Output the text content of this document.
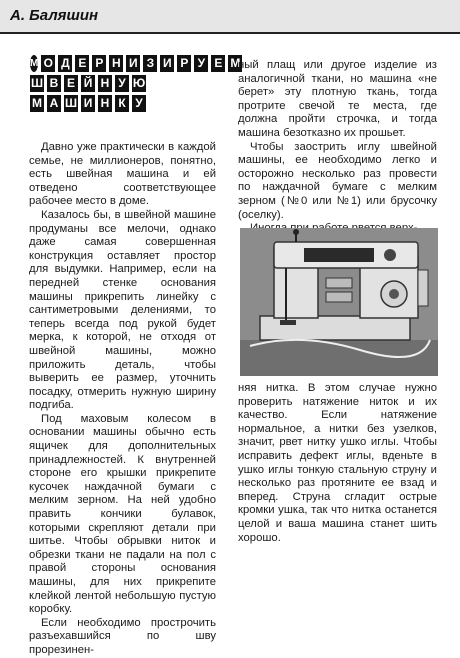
А. Баляшин
М О Д Е Р Н И З И Р У Е М
Ш В Е Й Н У Ю
М А Ш И Н К У

Давно уже практически в каждой семье, не миллионеров, понятно, есть швейная машина и ей отведено соответствующее рабочее место в доме.

Казалось бы, в швейной машине продуманы все мелочи, однако даже самая совершенная конструкция оставляет простор для выдумки. Например, если на передней стенке основания машины прикрепить линейку с сантиметровыми делениями, то теперь всегда под рукой будет мерка, к которой, не отходя от швейной машины, можно приложить деталь, чтобы выверить ее размер, уточнить посадку, отмерить нужную ширину подгиба.

Под маховым колесом в основании машины обычно есть ящичек для дополнительных принадлежностей. К внутренней стороне его крышки прикрепите кусочек наждачной бумаги с мелким зерном. На ней удобно править кончики булавок, которыми скрепляют детали при шитье. Чтобы обрывки ниток и обрезки ткани не падали на пол с правой стороны основания машины, для них прикрепите клейкой лентой небольшую пустую коробку.

Если необходимо прострочить разъехавшийся по шву прорезинен-

ный плащ или другое изделие из аналогичной ткани, но машина «не берет» эту плотную ткань, тогда протрите свечой те места, где должна пройти строчка, и тогда машина безотказно их прошьет.

Чтобы заострить иглу швейной машины, ее необходимо легко и осторожно несколько раз провести по наждачной бумаге с мелким зерном (№0 или №1) или брусочку (оселку).

няя нитка. В этом случае нужно проверить натяжение ниток и их качество. Если натяжение нормальное, а нитки без узелков, значит, рвет нитку ушко иглы. Чтобы исправить дефект иглы, вденьте в ушко иглы тонкую стальную струну и несколько раз протяните ее взад и вперед. Струна сгладит острые кромки ушка, так что нитка останется целой и ваша машина станет шить хорошо.
